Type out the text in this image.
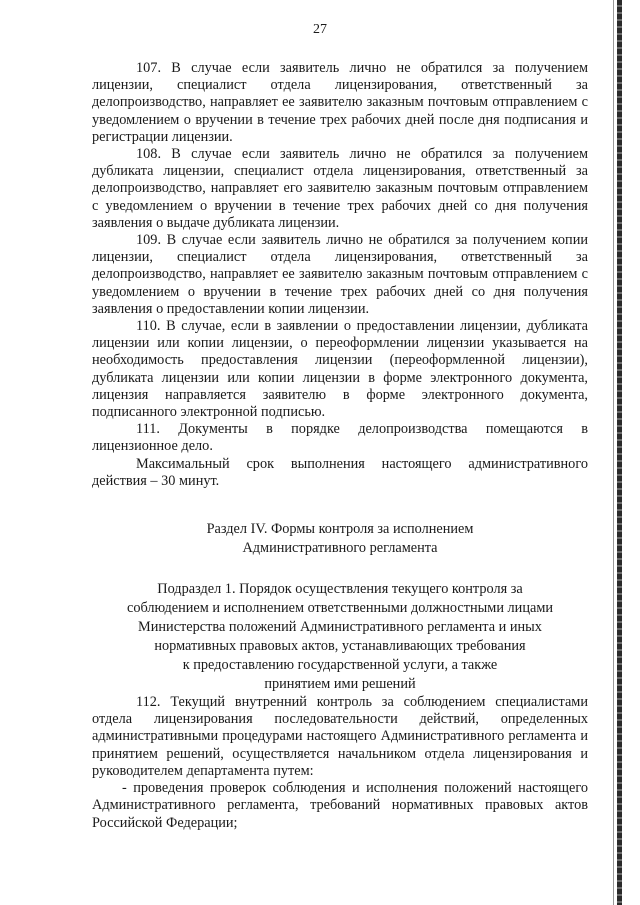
27

107. В случае если заявитель лично не обратился за получением лицензии, специалист отдела лицензирования, ответственный за делопроизводство, направляет ее заявителю заказным почтовым отправлением с уведомлением о вручении в течение трех рабочих дней после дня подписания и регистрации лицензии.

108. В случае если заявитель лично не обратился за получением дубликата лицензии, специалист отдела лицензирования, ответственный за делопроизводство, направляет его заявителю заказным почтовым отправлением с уведомлением о вручении в течение трех рабочих дней со дня получения заявления о выдаче дубликата лицензии.

109. В случае если заявитель лично не обратился за получением копии лицензии, специалист отдела лицензирования, ответственный за делопроизводство, направляет ее заявителю заказным почтовым отправлением с уведомлением о вручении в течение трех рабочих дней со дня получения заявления о предоставлении копии лицензии.

110. В случае, если в заявлении о предоставлении лицензии, дубликата лицензии или копии лицензии, о переоформлении лицензии указывается на необходимость предоставления лицензии (переоформленной лицензии), дубликата лицензии или копии лицензии в форме электронного документа, лицензия направляется заявителю в форме электронного документа, подписанного электронной подписью.

111. Документы в порядке делопроизводства помещаются в лицензионное дело.

Максимальный срок выполнения настоящего административного действия – 30 минут.

Раздел IV. Формы контроля за исполнением
Административного регламента
Подраздел 1. Порядок осуществления текущего контроля за
соблюдением и исполнением ответственными должностными лицами
Министерства положений Административного регламента и иных
нормативных правовых актов, устанавливающих требования
к предоставлению государственной услуги, а также
принятием ими решений

112. Текущий внутренний контроль за соблюдением специалистами отдела лицензирования последовательности действий, определенных административными процедурами настоящего Административного регламента и принятием решений, осуществляется начальником отдела лицензирования и руководителем департамента путем:

- проведения проверок соблюдения и исполнения положений настоящего Административного регламента, требований нормативных правовых актов Российской Федерации;
